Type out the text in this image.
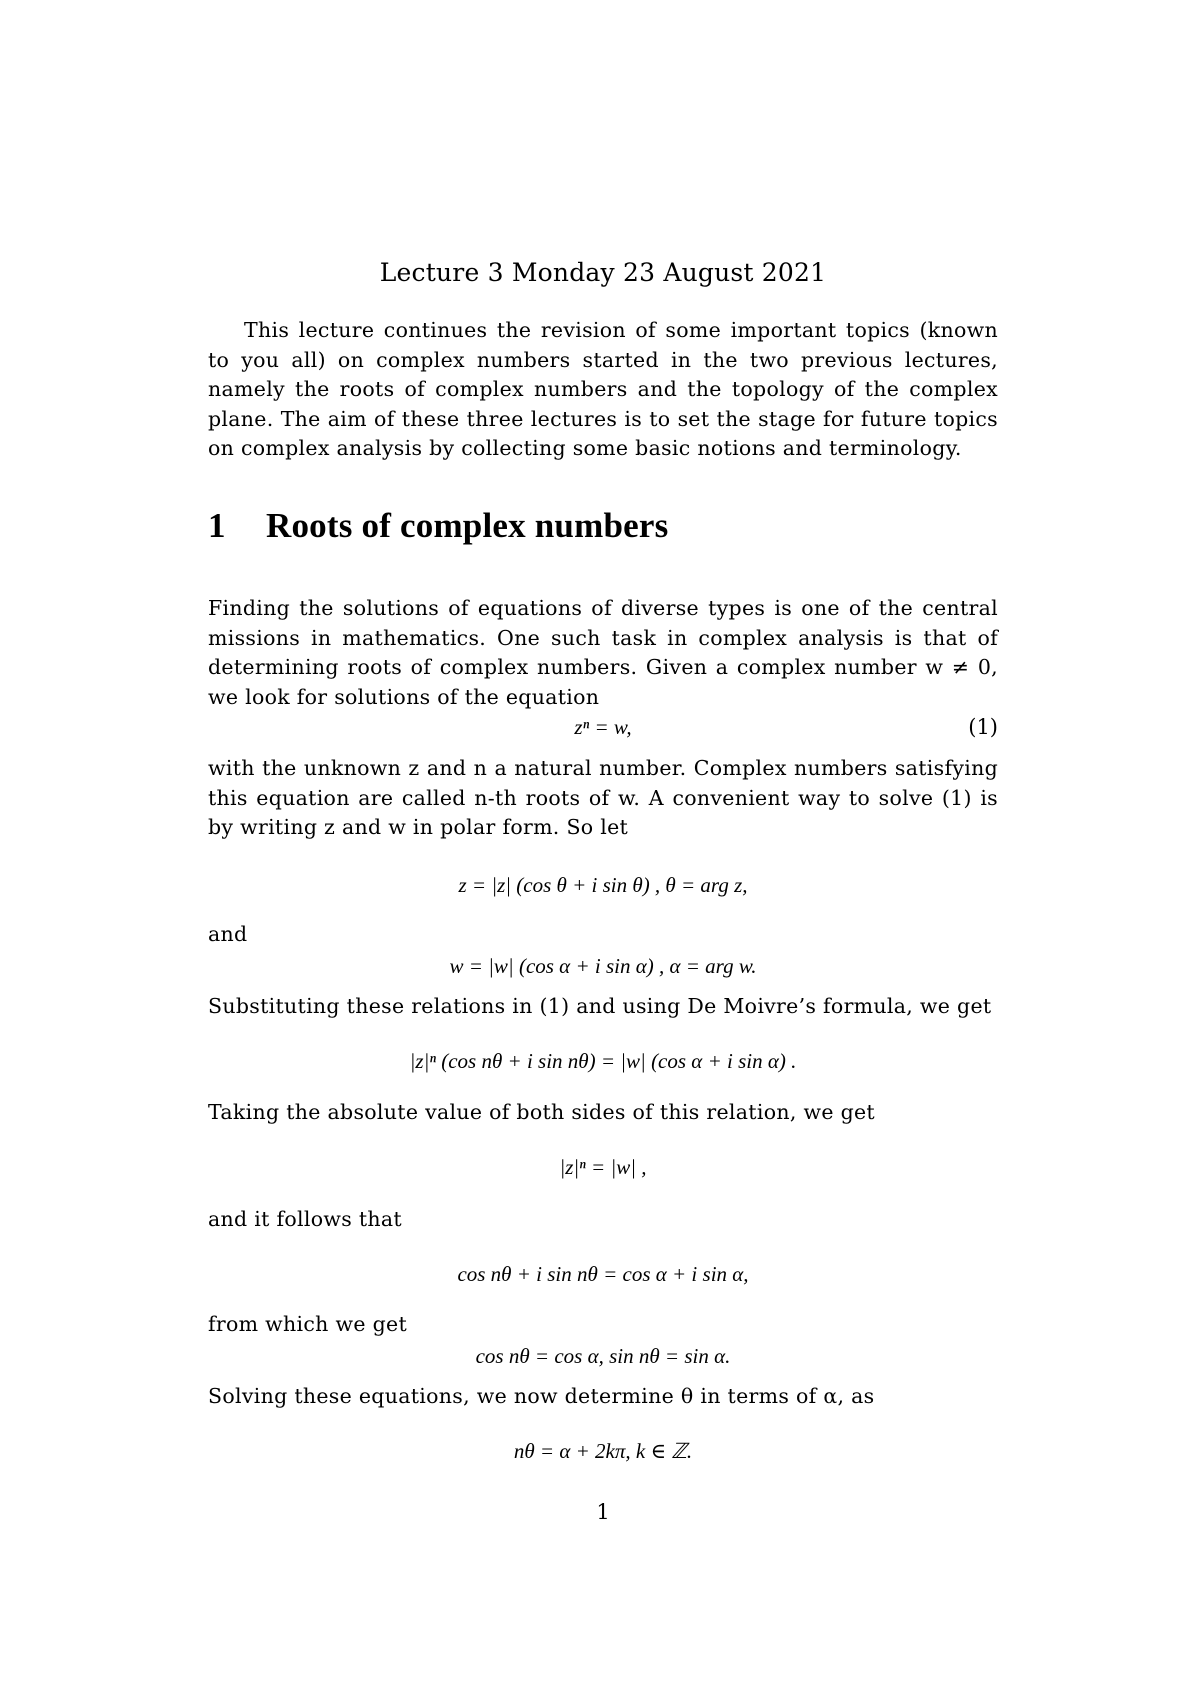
Lecture 3 Monday 23 August 2021
This lecture continues the revision of some important topics (known to you all) on complex numbers started in the two previous lectures, namely the roots of complex numbers and the topology of the complex plane. The aim of these three lectures is to set the stage for future topics on complex analysis by collecting some basic notions and terminology.
1 Roots of complex numbers
Finding the solutions of equations of diverse types is one of the central missions in mathematics. One such task in complex analysis is that of determining roots of complex numbers. Given a complex number w ≠ 0, we look for solutions of the equation
zⁿ = w,	(1)
with the unknown z and n a natural number. Complex numbers satisfying this equation are called n-th roots of w. A convenient way to solve (1) is by writing z and w in polar form. So let
z = |z| (cos θ + i sin θ) , θ = arg z,
and
w = |w| (cos α + i sin α) , α = arg w.
Substituting these relations in (1) and using De Moivre’s formula, we get
|z|ⁿ (cos nθ + i sin nθ) = |w| (cos α + i sin α) .
Taking the absolute value of both sides of this relation, we get
|z|ⁿ = |w| ,
and it follows that
cos nθ + i sin nθ = cos α + i sin α,
from which we get
cos nθ = cos α, sin nθ = sin α.
Solving these equations, we now determine θ in terms of α, as
nθ = α + 2kπ, k ∈ ℤ.
1
